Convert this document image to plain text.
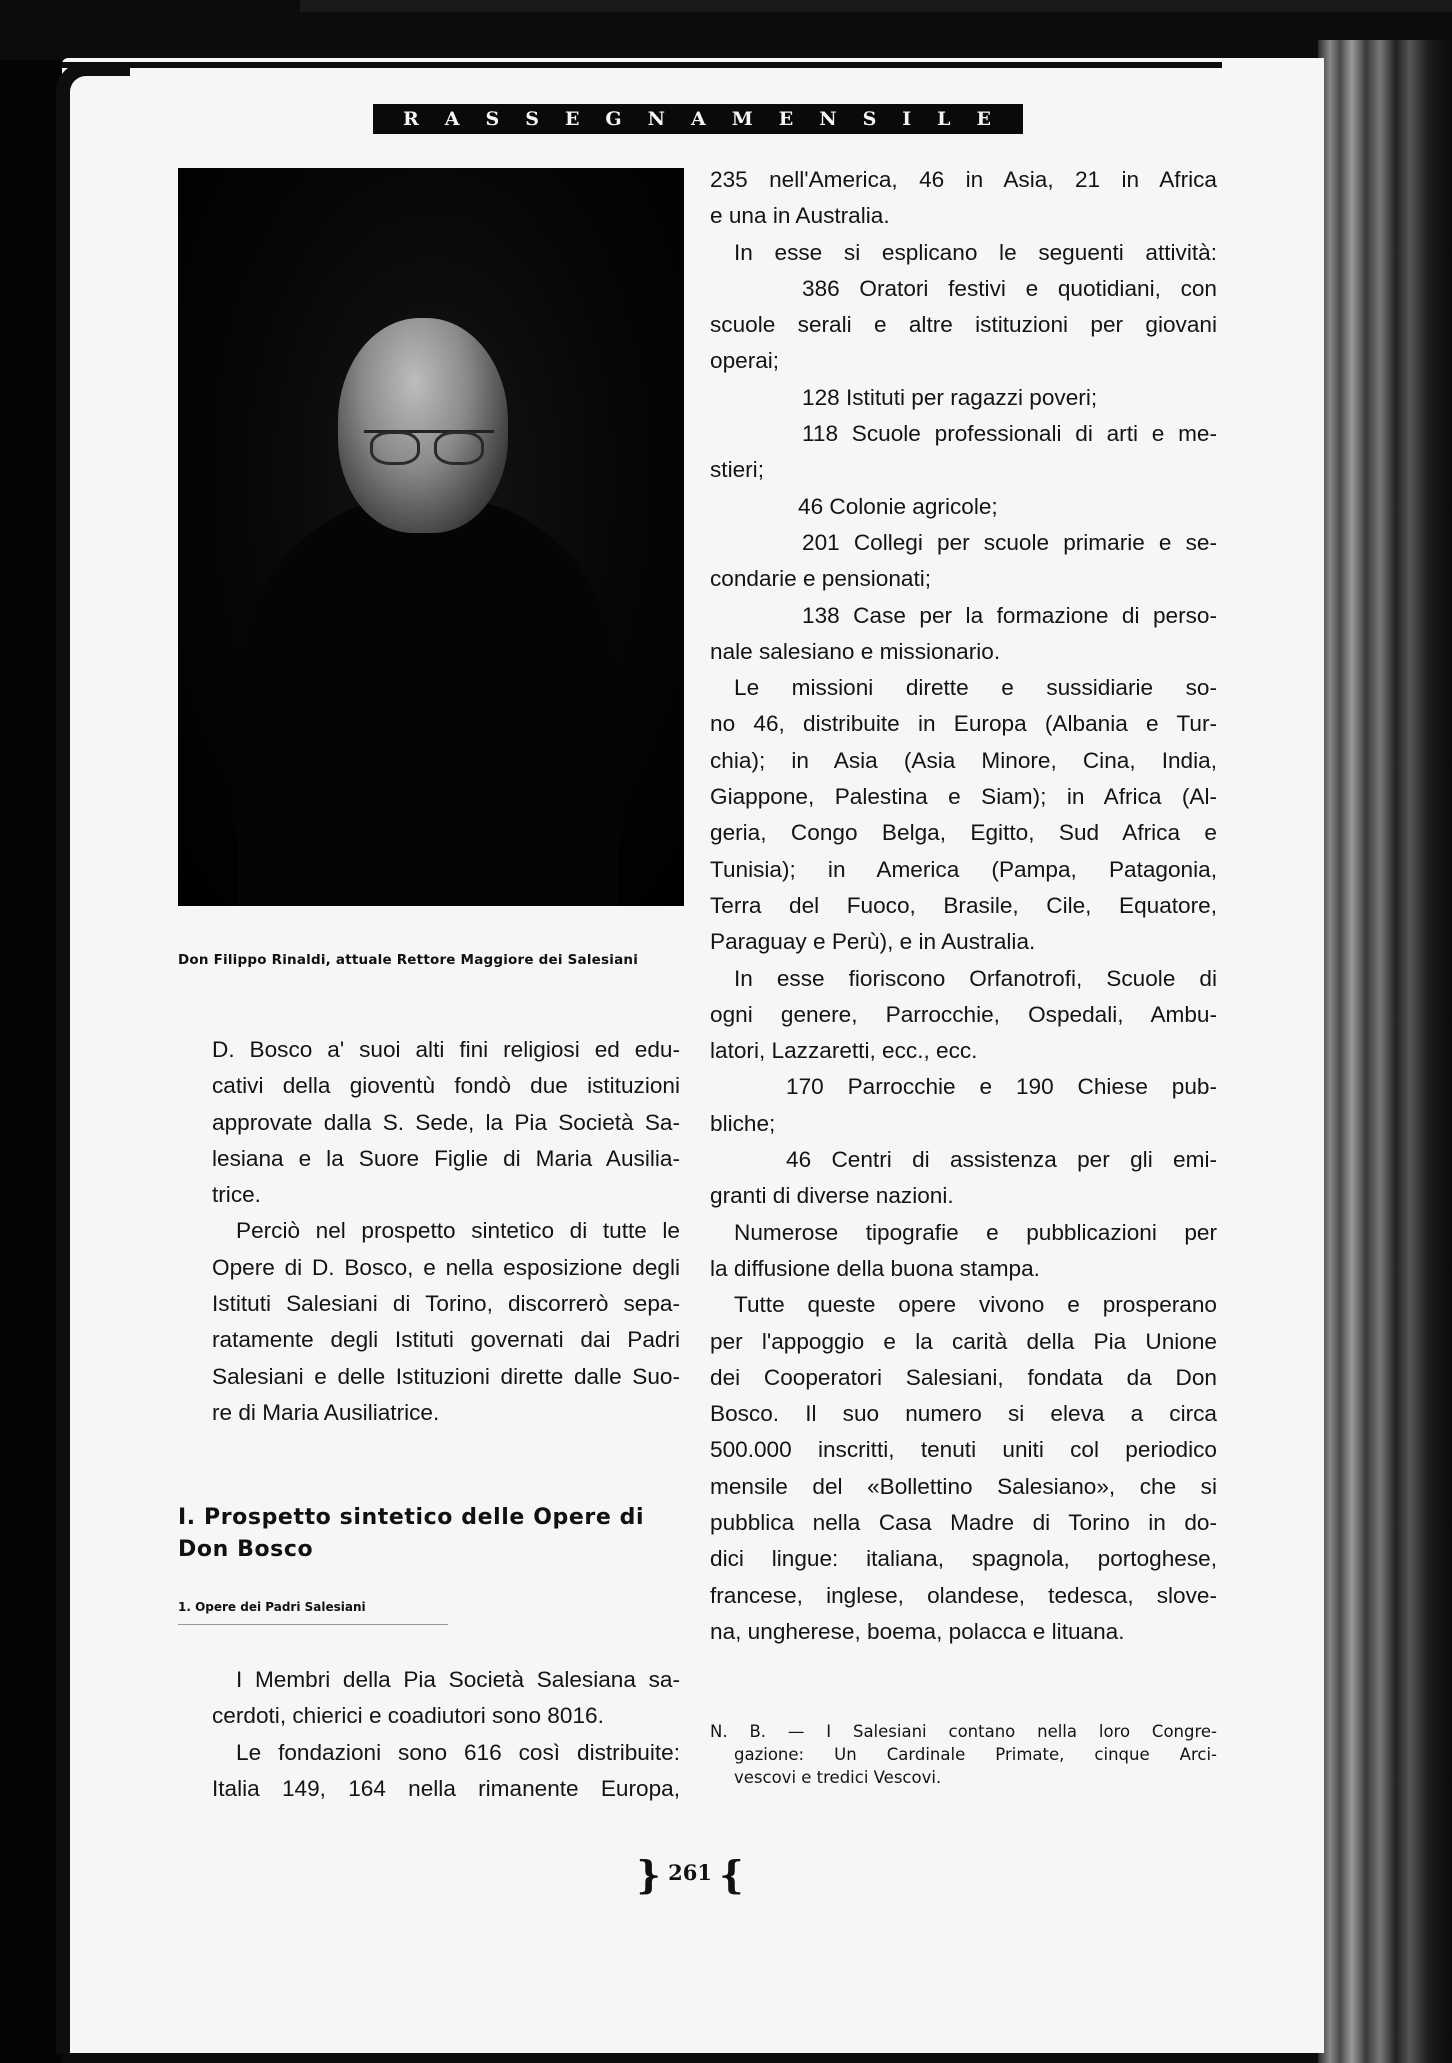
R A S S E G N A M E N S I L E
Don Filippo Rinaldi, attuale Rettore Maggiore dei Salesiani

D. Bosco a' suoi alti fini religiosi ed edu-

cativi della gioventù fondò due istituzioni

approvate dalla S. Sede, la Pia Società Sa-

lesiana e la Suore Figlie di Maria Ausilia-

trice.

Perciò nel prospetto sintetico di tutte le

Opere di D. Bosco, e nella esposizione degli

Istituti Salesiani di Torino, discorrerò sepa-

ratamente degli Istituti governati dai Padri

Salesiani e delle Istituzioni dirette dalle Suo-

re di Maria Ausiliatrice.

I. Prospetto sintetico delle Opere di Don Bosco
1. Opere dei Padri Salesiani

I Membri della Pia Società Salesiana sa-

cerdoti, chierici e coadiutori sono 8016.

Le fondazioni sono 616 così distribuite:

Italia 149, 164 nella rimanente Europa,

235 nell'America, 46 in Asia, 21 in Africa

e una in Australia.

In esse si esplicano le seguenti attività:

386 Oratori festivi e quotidiani, con

scuole serali e altre istituzioni per giovani

operai;

128 Istituti per ragazzi poveri;

118 Scuole professionali di arti e me-

stieri;

46 Colonie agricole;

201 Collegi per scuole primarie e se-

condarie e pensionati;

138 Case per la formazione di perso-

nale salesiano e missionario.

Le missioni dirette e sussidiarie so-

no 46, distribuite in Europa (Albania e Tur-

chia); in Asia (Asia Minore, Cina, India,

Giappone, Palestina e Siam); in Africa (Al-

geria, Congo Belga, Egitto, Sud Africa e

Tunisia); in America (Pampa, Patagonia,

Terra del Fuoco, Brasile, Cile, Equatore,

Paraguay e Perù), e in Australia.

In esse fioriscono Orfanotrofi, Scuole di

ogni genere, Parrocchie, Ospedali, Ambu-

latori, Lazzaretti, ecc., ecc.

170 Parrocchie e 190 Chiese pub-

bliche;

46 Centri di assistenza per gli emi-

granti di diverse nazioni.

Numerose tipografie e pubblicazioni per

la diffusione della buona stampa.

Tutte queste opere vivono e prosperano

per l'appoggio e la carità della Pia Unione

dei Cooperatori Salesiani, fondata da Don

Bosco. Il suo numero si eleva a circa

500.000 inscritti, tenuti uniti col periodico

mensile del «Bollettino Salesiano», che si

pubblica nella Casa Madre di Torino in do-

dici lingue: italiana, spagnola, portoghese,

francese, inglese, olandese, tedesca, slove-

na, ungherese, boema, polacca e lituana.

N. B. — I Salesiani contano nella loro Congre-

gazione: Un Cardinale Primate, cinque Arci-

vescovi e tredici Vescovi.

} 261 {
